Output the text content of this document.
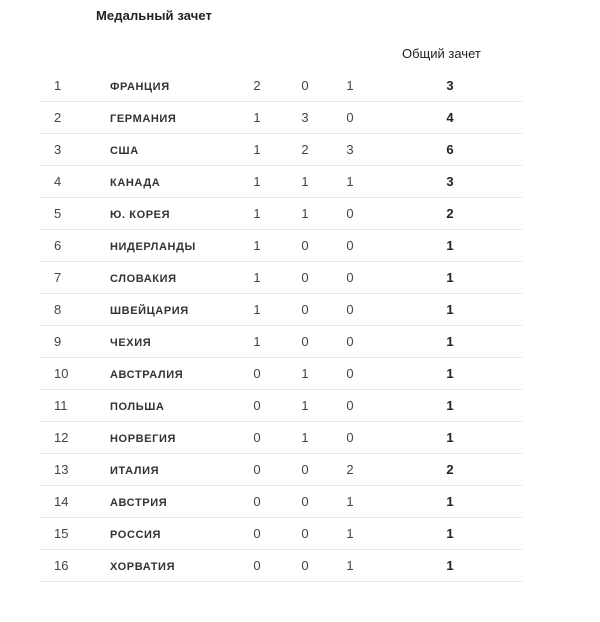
Медальный зачет
Общий зачет
1	ФРАНЦИЯ	2	0	1	3
2	ГЕРМАНИЯ	1	3	0	4
3	США	1	2	3	6
4	КАНАДА	1	1	1	3
5	Ю. КОРЕЯ	1	1	0	2
6	НИДЕРЛАНДЫ	1	0	0	1
7	СЛОВАКИЯ	1	0	0	1
8	ШВЕЙЦАРИЯ	1	0	0	1
9	ЧЕХИЯ	1	0	0	1
10	АВСТРАЛИЯ	0	1	0	1
11	ПОЛЬША	0	1	0	1
12	НОРВЕГИЯ	0	1	0	1
13	ИТАЛИЯ	0	0	2	2
14	АВСТРИЯ	0	0	1	1
15	РОССИЯ	0	0	1	1
16	ХОРВАТИЯ	0	0	1	1
